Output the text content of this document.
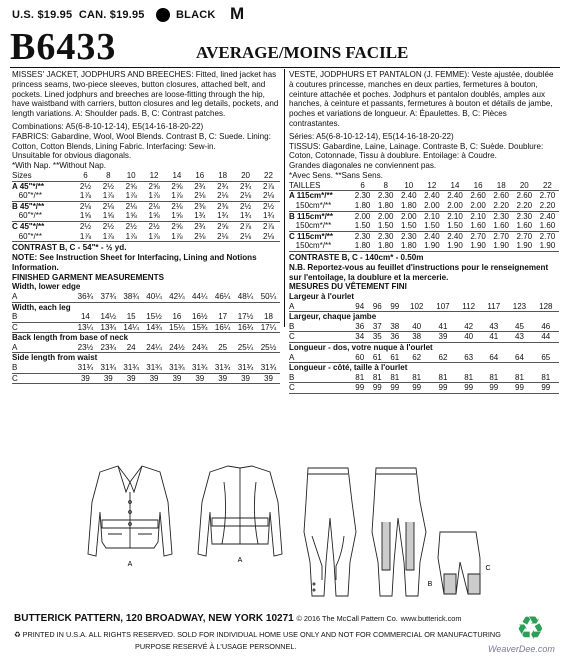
U.S. $19.95 CAN. $19.95	BLACK M
B6433	AVERAGE/MOINS FACILE

MISSES' JACKET, JODPHURS AND BREECHES: Fitted, lined jacket has princess seams, two-piece sleeves, button closures, attached belt, and pockets. Lined jodphurs and breeches are loose-fitting through the hip, have waistband with carriers, button closures and leg details, pockets, and length variations. A: Shoulder pads. B, C: Contrast patches.

Combinations: A5(6-8-10-12-14), E5(14-16-18-20-22)

FABRICS: Gabardine, Wool, Wool Blends. Contrast B, C: Suede. Lining: Cotton, Cotton Blends, Lining Fabric. Interfacing: Sew-in.

Unsuitable for obvious diagonals.

*With Nap. **Without Nap.

Sizes	6	8	10	12	14	16	18	20	22
A 45"*/**	2½	2½	2⅝	2⅝	2⅝	2¾	2¾	2¾	2⅞
60"*/**	1⅞	1⅞	1⅞	1⅞	1⅞	2⅛	2⅛	2⅛	2⅛
B 45"*/**	2⅛	2⅛	2⅛	2⅛	2⅛	2⅜	2⅜	2½	2½
60"*/**	1⅝	1⅝	1⅝	1⅝	1⅝	1¾	1¾	1¾	1¾
C 45"*/**	2½	2½	2½	2½	2⅝	2¾	2⅝	2⅞	2⅞
60"*/**	1⅞	1⅞	1⅞	1⅞	1⅞	2⅛	2⅛	2⅛	2⅛

CONTRAST B, C - 54"* - ½ yd.

NOTE: See Instruction Sheet for Interfacing, Lining and Notions Information.

FINISHED GARMENT MEASUREMENTS

Width, lower edge									
A	36¾	37¾	38¾	40¼	42¼	44¼	46¼	48¼	50¼
Width, each leg									
B	14	14½	15	15½	16	16½	17	17½	18
C	13¼	13¾	14¼	14¾	15¼	15¾	16¼	16¾	17¼
Back length from base of neck									
A	23½	23¾	24	24¼	24½	24¾	25	25¼	25½
Side length from waist									
B	31¾	31¾	31¾	31¾	31¾	31¾	31¾	31¾	31¾
C	39	39	39	39	39	39	39	39	39

VESTE, JODPHURS ET PANTALON (J. FEMME): Veste ajustée, doublée à coutures princesse, manches en deux parties, fermetures à bouton, ceinture attachée et poches. Jodphurs et pantalon doublés, amples aux hanches, à ceinture et passants, fermetures à bouton et détails de jambe, poches et variations de longueur. A: Épaulettes. B, C: Pièces contrastantes.

Séries: A5(6-8-10-12-14), E5(14-16-18-20-22)

TISSUS: Gabardine, Laine, Lainage. Contraste B, C: Suède. Doublure: Coton, Cotonnade, Tissu à doublure. Entoilage: à Coudre.

Grandes diagonales ne conviennent pas.

*Avec Sens. **Sans Sens.

TAILLES	6	8	10	12	14	16	18	20	22
A 115cm*/**	2.30	2.30	2.40	2.40	2.40	2.60	2.60	2.60	2.70
150cm*/**	1.80	1.80	1.80	2.00	2.00	2.00	2.20	2.20	2.20
B 115cm*/**	2.00	2.00	2.00	2.10	2.10	2.10	2.30	2.30	2.40
150cm*/**	1.50	1.50	1.50	1.50	1.50	1.60	1.60	1.60	1.60
C 115cm*/**	2.30	2.30	2.30	2.40	2.40	2.70	2.70	2.70	2.70
150cm*/**	1.80	1.80	1.80	1.90	1.90	1.90	1.90	1.90	1.90

CONTRASTE B, C - 140cm* - 0.50m

N.B. Reportez-vous au feuillet d'instructions pour le renseignement sur l'entoilage, la doublure et la mercerie.

MESURES DU VÊTEMENT FINI

Largeur à l'ourlet									
A	94	96	99	102	107	112	117	123	128
Largeur, chaque jambe									
B	36	37	38	40	41	42	43	45	46
C	34	35	36	38	39	40	41	43	44
Longueur - dos, votre nuque à l'ourlet									
A	60	61	61	62	62	63	64	64	65
Longueur - côté, taille à l'ourlet									
B	81	81	81	81	81	81	81	81	81
C	99	99	99	99	99	99	99	99	99
A
A
B
C
BUTTERICK PATTERN, 120 BROADWAY, NEW YORK 10271 © 2016 The McCall Pattern Co. www.butterick.com
♻ PRINTED IN U.S.A. ALL RIGHTS RESERVED. SOLD FOR INDIVIDUAL HOME USE ONLY AND NOT FOR COMMERCIAL OR MANUFACTURING
PURPOSE RESERVÉ À L'USAGE PERSONNEL.
♻
WeaverDee.com
